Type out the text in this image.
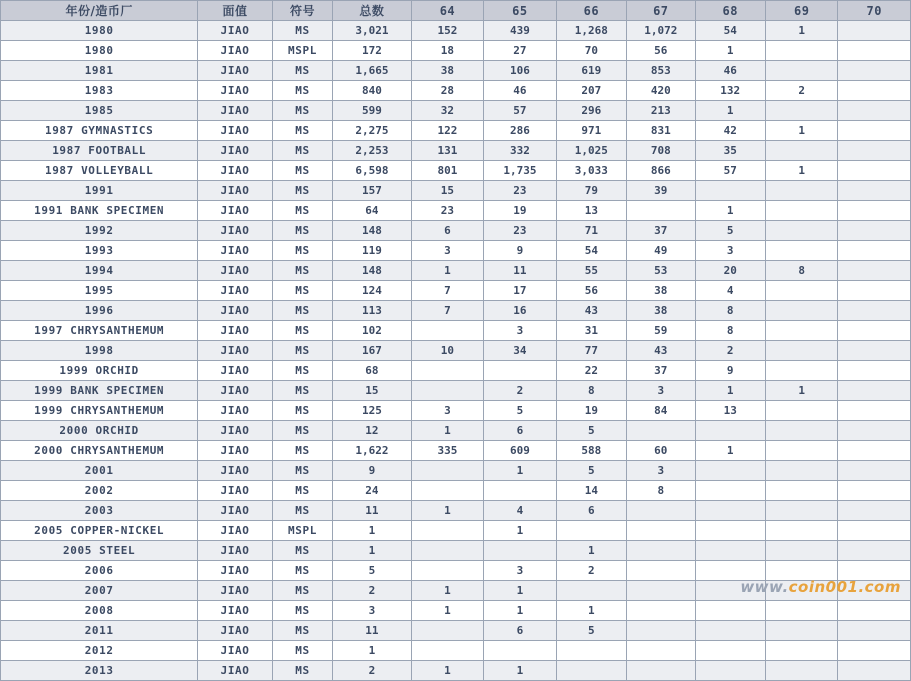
年份/造币厂	面值	符号	总数	64	65	66	67	68	69	70
1980	JIAO	MS	3,021	152	439	1,268	1,072	54	1	
1980	JIAO	MSPL	172	18	27	70	56	1		
1981	JIAO	MS	1,665	38	106	619	853	46		
1983	JIAO	MS	840	28	46	207	420	132	2	
1985	JIAO	MS	599	32	57	296	213	1		
1987 GYMNASTICS	JIAO	MS	2,275	122	286	971	831	42	1	
1987 FOOTBALL	JIAO	MS	2,253	131	332	1,025	708	35		
1987 VOLLEYBALL	JIAO	MS	6,598	801	1,735	3,033	866	57	1	
1991	JIAO	MS	157	15	23	79	39			
1991 BANK SPECIMEN	JIAO	MS	64	23	19	13		1		
1992	JIAO	MS	148	6	23	71	37	5		
1993	JIAO	MS	119	3	9	54	49	3		
1994	JIAO	MS	148	1	11	55	53	20	8	
1995	JIAO	MS	124	7	17	56	38	4		
1996	JIAO	MS	113	7	16	43	38	8		
1997 CHRYSANTHEMUM	JIAO	MS	102		3	31	59	8		
1998	JIAO	MS	167	10	34	77	43	2		
1999 ORCHID	JIAO	MS	68			22	37	9		
1999 BANK SPECIMEN	JIAO	MS	15		2	8	3	1	1	
1999 CHRYSANTHEMUM	JIAO	MS	125	3	5	19	84	13		
2000 ORCHID	JIAO	MS	12	1	6	5				
2000 CHRYSANTHEMUM	JIAO	MS	1,622	335	609	588	60	1		
2001	JIAO	MS	9		1	5	3			
2002	JIAO	MS	24			14	8			
2003	JIAO	MS	11	1	4	6				
2005 COPPER-NICKEL	JIAO	MSPL	1		1					
2005 STEEL	JIAO	MS	1			1				
2006	JIAO	MS	5		3	2				
2007	JIAO	MS	2	1	1					
2008	JIAO	MS	3	1	1	1				
2011	JIAO	MS	11		6	5				
2012	JIAO	MS	1							
2013	JIAO	MS	2	1	1					
www.coin001.com
